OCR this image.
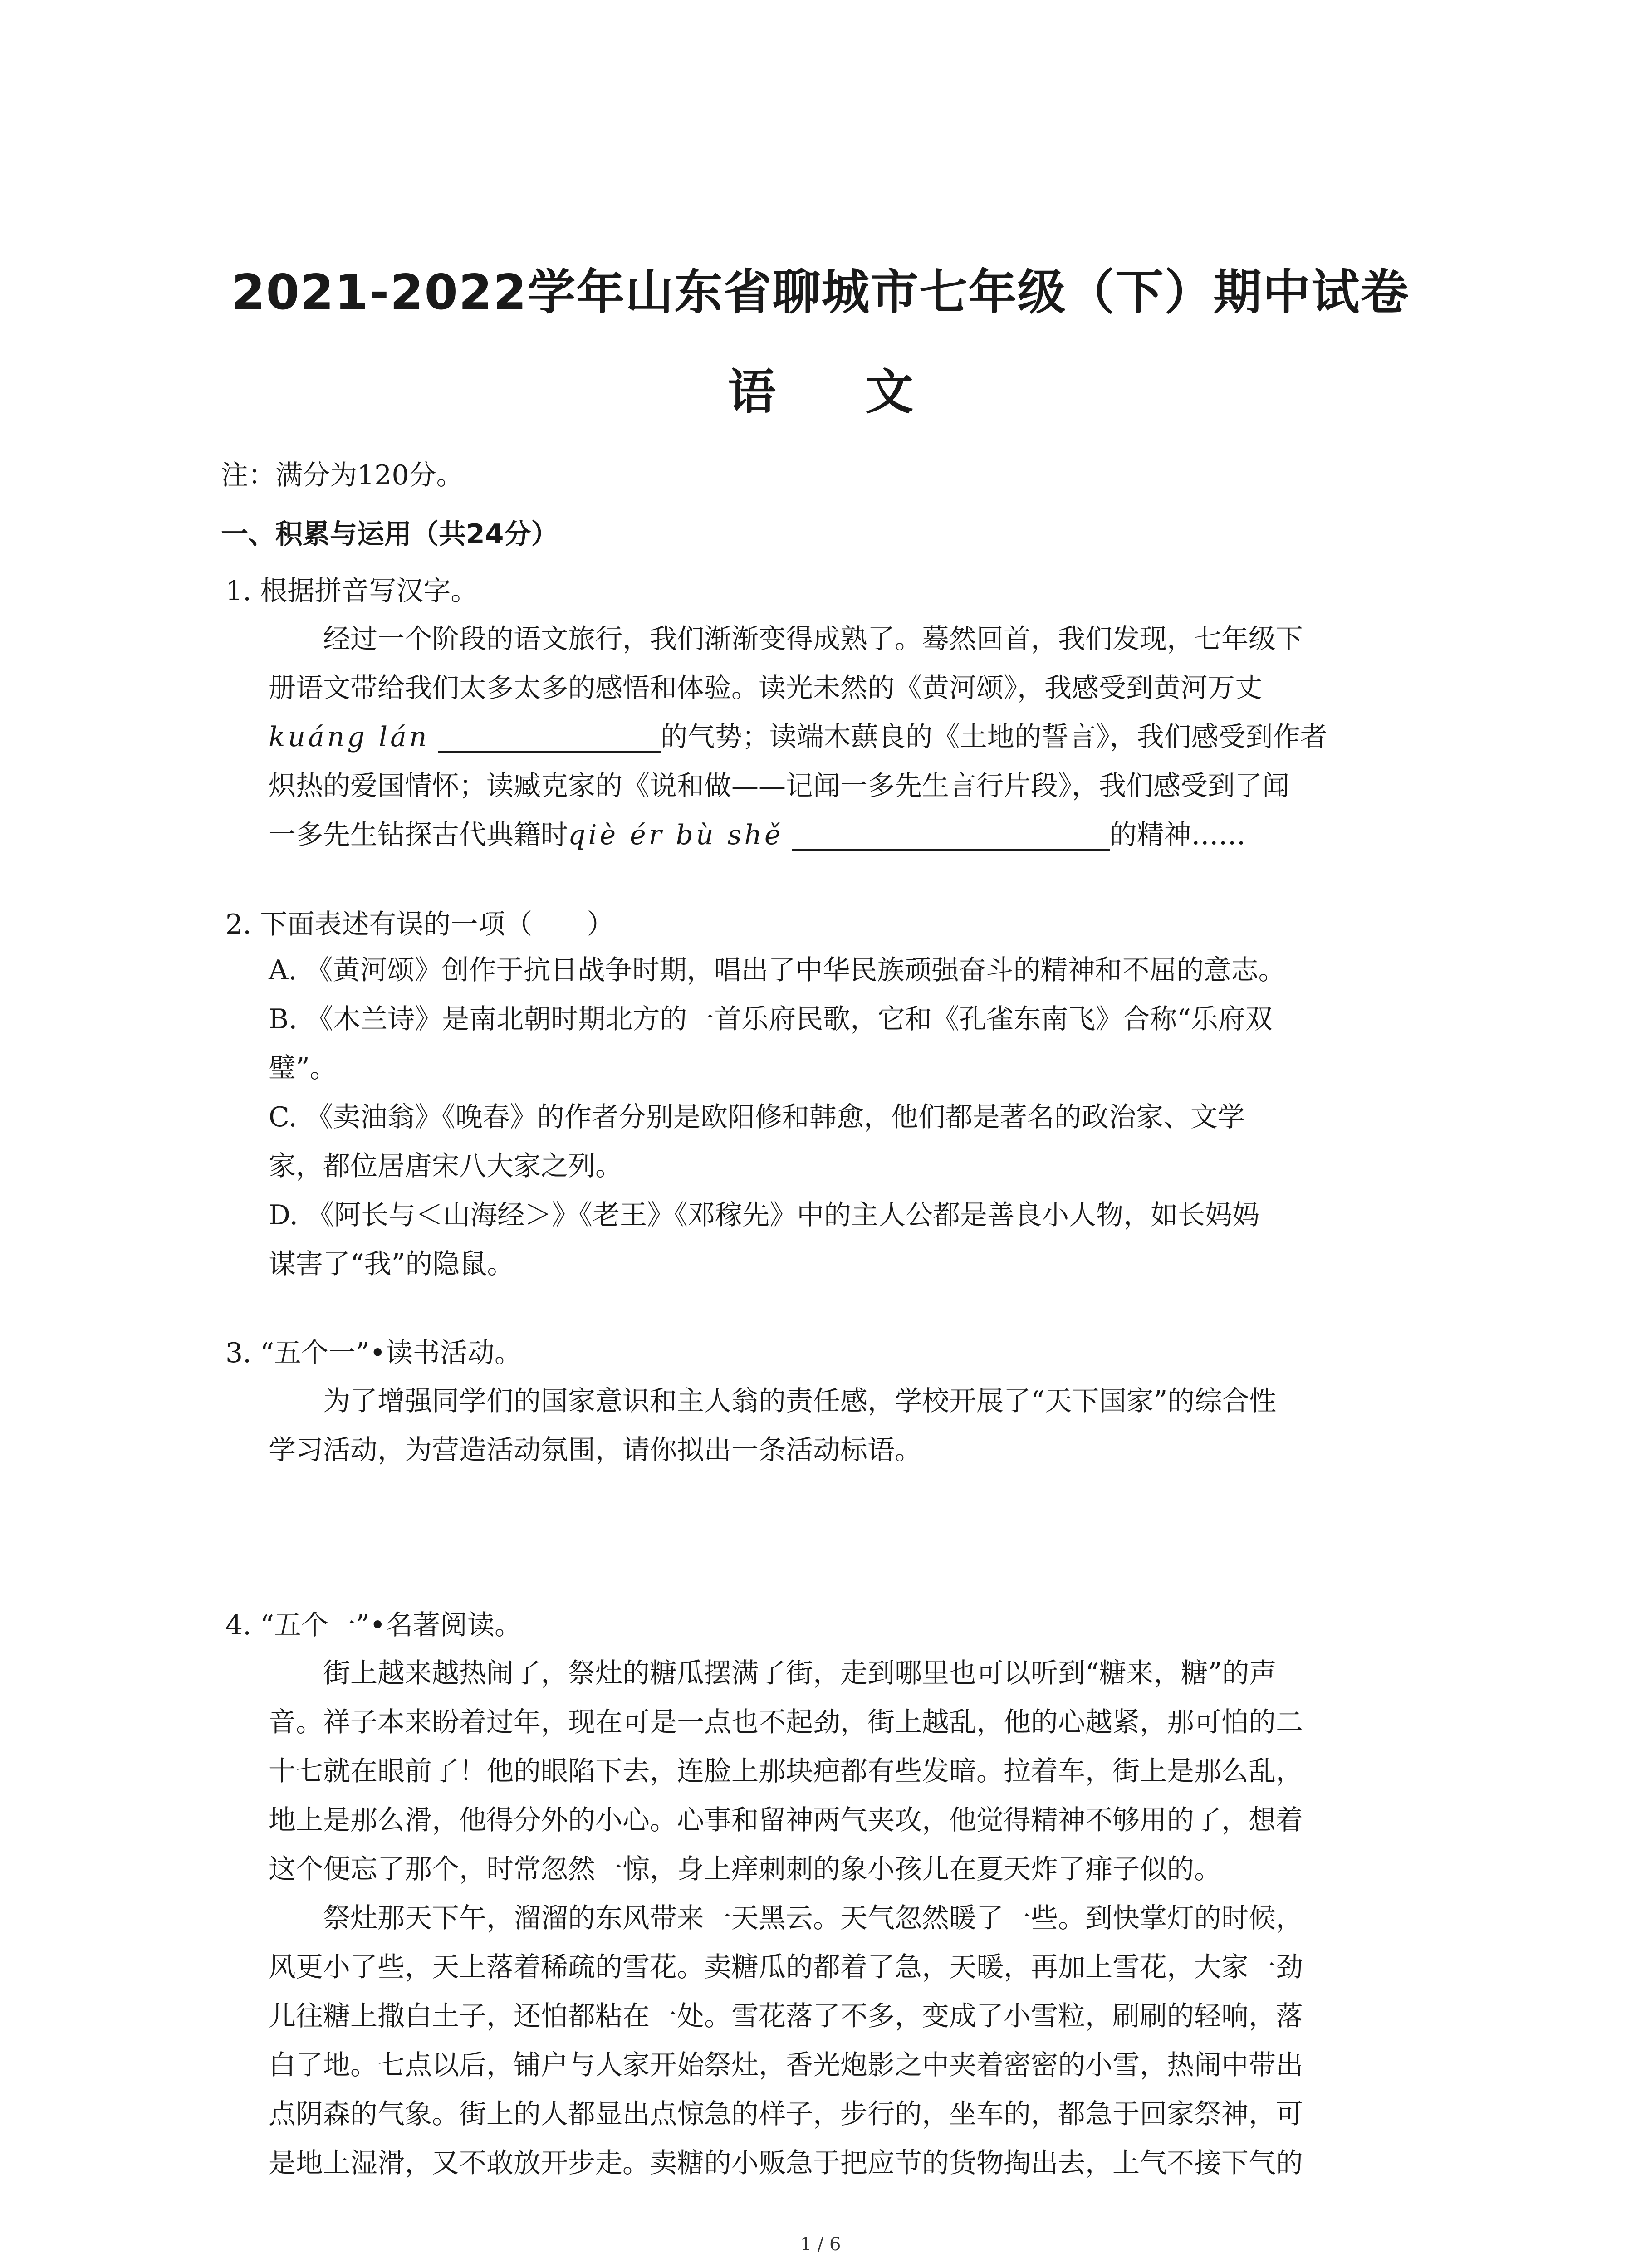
2021-2022学年山东省聊城市七年级（下）期中试卷
语 文
注：满分为120分。
一、积累与运用（共24分）
1. 根据拼音写汉字。
经过一个阶段的语文旅行，我们渐渐变得成熟了。蓦然回首，我们发现，七年级下
册语文带给我们太多太多的感悟和体验。读光未然的《黄河颂》，我感受到黄河万丈
kuáng lán	的气势；读端木蕻良的《土地的誓言》，我们感受到作者
炽热的爱国情怀；读臧克家的《说和做——记闻一多先生言行片段》，我们感受到了闻
一多先生钻探古代典籍时qiè ér bù shě	的精神……
2. 下面表述有误的一项（　　）
A. 《黄河颂》创作于抗日战争时期，唱出了中华民族顽强奋斗的精神和不屈的意志。
B. 《木兰诗》是南北朝时期北方的一首乐府民歌，它和《孔雀东南飞》合称“乐府双
璧”。
C. 《卖油翁》《晚春》的作者分别是欧阳修和韩愈，他们都是著名的政治家、文学
家，都位居唐宋八大家之列。
D. 《阿长与＜山海经＞》《老王》《邓稼先》中的主人公都是善良小人物，如长妈妈
谋害了“我”的隐鼠。
3. “五个一”•读书活动。
为了增强同学们的国家意识和主人翁的责任感，学校开展了“天下国家”的综合性
学习活动，为营造活动氛围，请你拟出一条活动标语。
4. “五个一”•名著阅读。
街上越来越热闹了，祭灶的糖瓜摆满了街，走到哪里也可以听到“糖来，糖”的声
音。祥子本来盼着过年，现在可是一点也不起劲，街上越乱，他的心越紧，那可怕的二
十七就在眼前了！他的眼陷下去，连脸上那块疤都有些发暗。拉着车，街上是那么乱，
地上是那么滑，他得分外的小心。心事和留神两气夹攻，他觉得精神不够用的了，想着
这个便忘了那个，时常忽然一惊，身上痒刺刺的象小孩儿在夏天炸了痱子似的。
祭灶那天下午，溜溜的东风带来一天黑云。天气忽然暖了一些。到快掌灯的时候，
风更小了些，天上落着稀疏的雪花。卖糖瓜的都着了急，天暖，再加上雪花，大家一劲
儿往糖上撒白土子，还怕都粘在一处。雪花落了不多，变成了小雪粒，刷刷的轻响，落
白了地。七点以后，铺户与人家开始祭灶，香光炮影之中夹着密密的小雪，热闹中带出
点阴森的气象。街上的人都显出点惊急的样子，步行的，坐车的，都急于回家祭神，可
是地上湿滑，又不敢放开步走。卖糖的小贩急于把应节的货物掏出去，上气不接下气的
1 / 6
